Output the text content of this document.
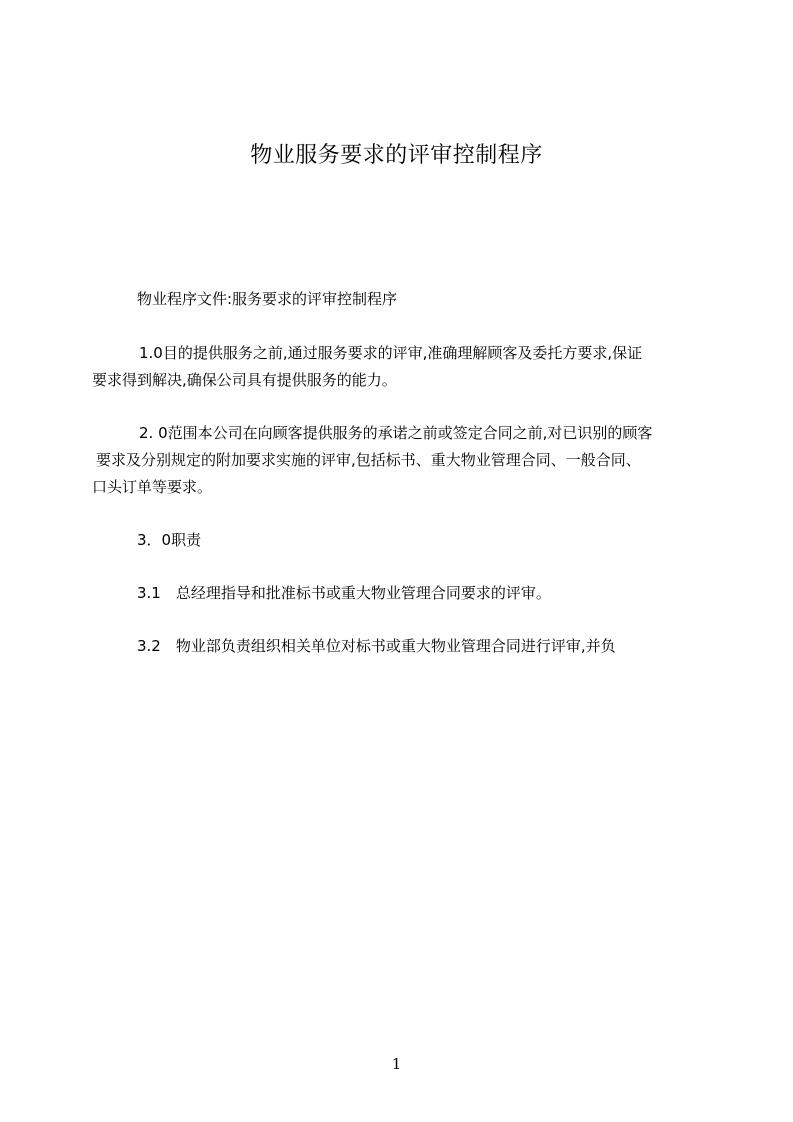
物业服务要求的评审控制程序

物业程序文件:服务要求的评审控制程序

1.0目的提供服务之前,通过服务要求的评审,准确理解顾客及委托方要求,保证
要求得到解决,确保公司具有提供服务的能力。

2. 0范围本公司在向顾客提供服务的承诺之前或签定合同之前,对已识别的顾客
要求及分别规定的附加要求实施的评审,包括标书、重大物业管理合同、一般合同、
口头订单等要求。

3．0职责

3.1　总经理指导和批准标书或重大物业管理合同要求的评审。

3.2　物业部负责组织相关单位对标书或重大物业管理合同进行评审,并负

1
